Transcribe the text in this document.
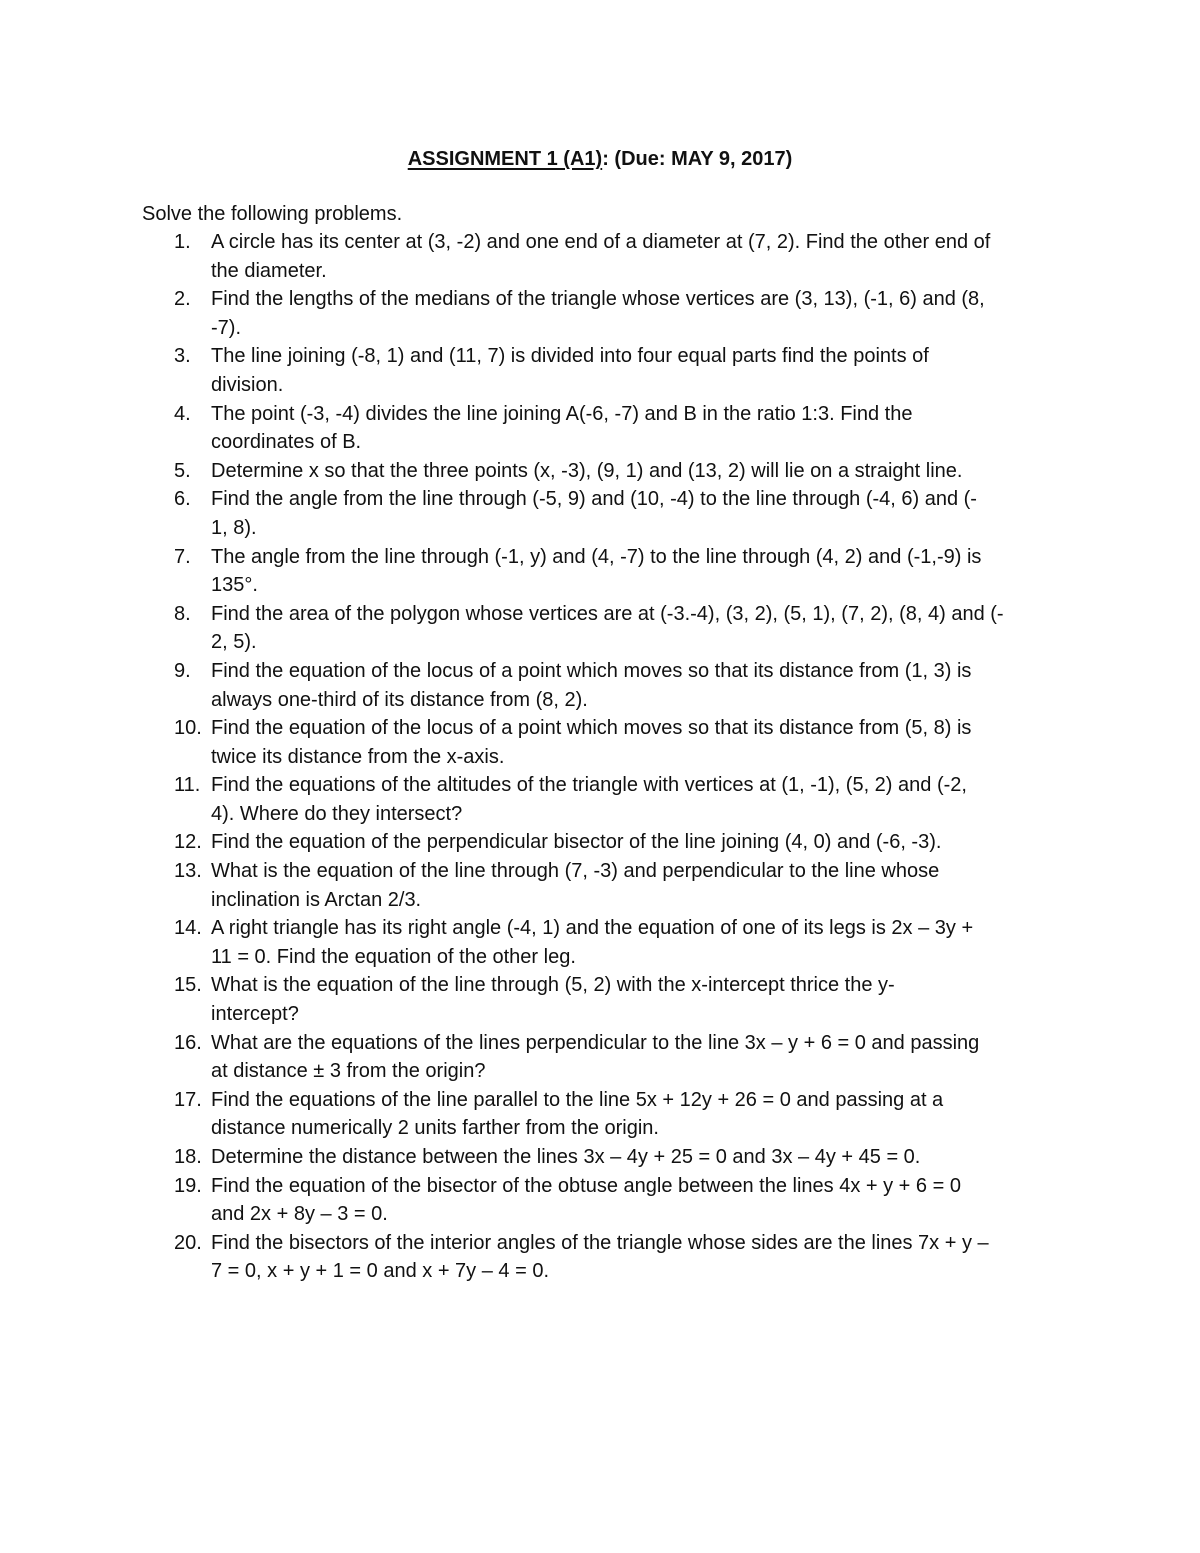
ASSIGNMENT 1 (A1): (Due: MAY 9, 2017)
Solve the following problems.
1.	A circle has its center at (3, -2) and one end of a diameter at (7, 2). Find the other end of
the diameter.
2.	Find the lengths of the medians of the triangle whose vertices are (3, 13), (-1, 6) and (8,
-7).
3.	The line joining (-8, 1) and (11, 7) is divided into four equal parts find the points of
division.
4.	The point (-3, -4) divides the line joining A(-6, -7) and B in the ratio 1:3. Find the
coordinates of B.
5.	Determine x so that the three points (x, -3), (9, 1) and (13, 2) will lie on a straight line.
6.	Find the angle from the line through (-5, 9) and (10, -4) to the line through (-4, 6) and (-
1, 8).
7.	The angle from the line through (-1, y) and (4, -7) to the line through (4, 2) and (-1,-9) is
135°.
8.	Find the area of the polygon whose vertices are at (-3.-4), (3, 2), (5, 1), (7, 2), (8, 4) and (-
2, 5).
9.	Find the equation of the locus of a point which moves so that its distance from (1, 3) is
always one-third of its distance from (8, 2).
10. Find the equation of the locus of a point which moves so that its distance from (5, 8) is
twice its distance from the x-axis.
11. Find the equations of the altitudes of the triangle with vertices at (1, -1), (5, 2) and (-2,
4). Where do they intersect?
12. Find the equation of the perpendicular bisector of the line joining (4, 0) and (-6, -3).
13. What is the equation of the line through (7, -3) and perpendicular to the line whose
inclination is Arctan 2/3.
14. A right triangle has its right angle (-4, 1) and the equation of one of its legs is 2x – 3y +
11 = 0. Find the equation of the other leg.
15. What is the equation of the line through (5, 2) with the x-intercept thrice the y-
intercept?
16. What are the equations of the lines perpendicular to the line 3x – y + 6 = 0 and passing
at distance ± 3 from the origin?
17. Find the equations of the line parallel to the line 5x + 12y + 26 = 0 and passing at a
distance numerically 2 units farther from the origin.
18. Determine the distance between the lines 3x – 4y + 25 = 0 and 3x – 4y + 45 = 0.
19. Find the equation of the bisector of the obtuse angle between the lines 4x + y + 6 = 0
and 2x + 8y – 3 = 0.
20. Find the bisectors of the interior angles of the triangle whose sides are the lines 7x + y –
7 = 0, x + y + 1 = 0 and x + 7y – 4 = 0.
